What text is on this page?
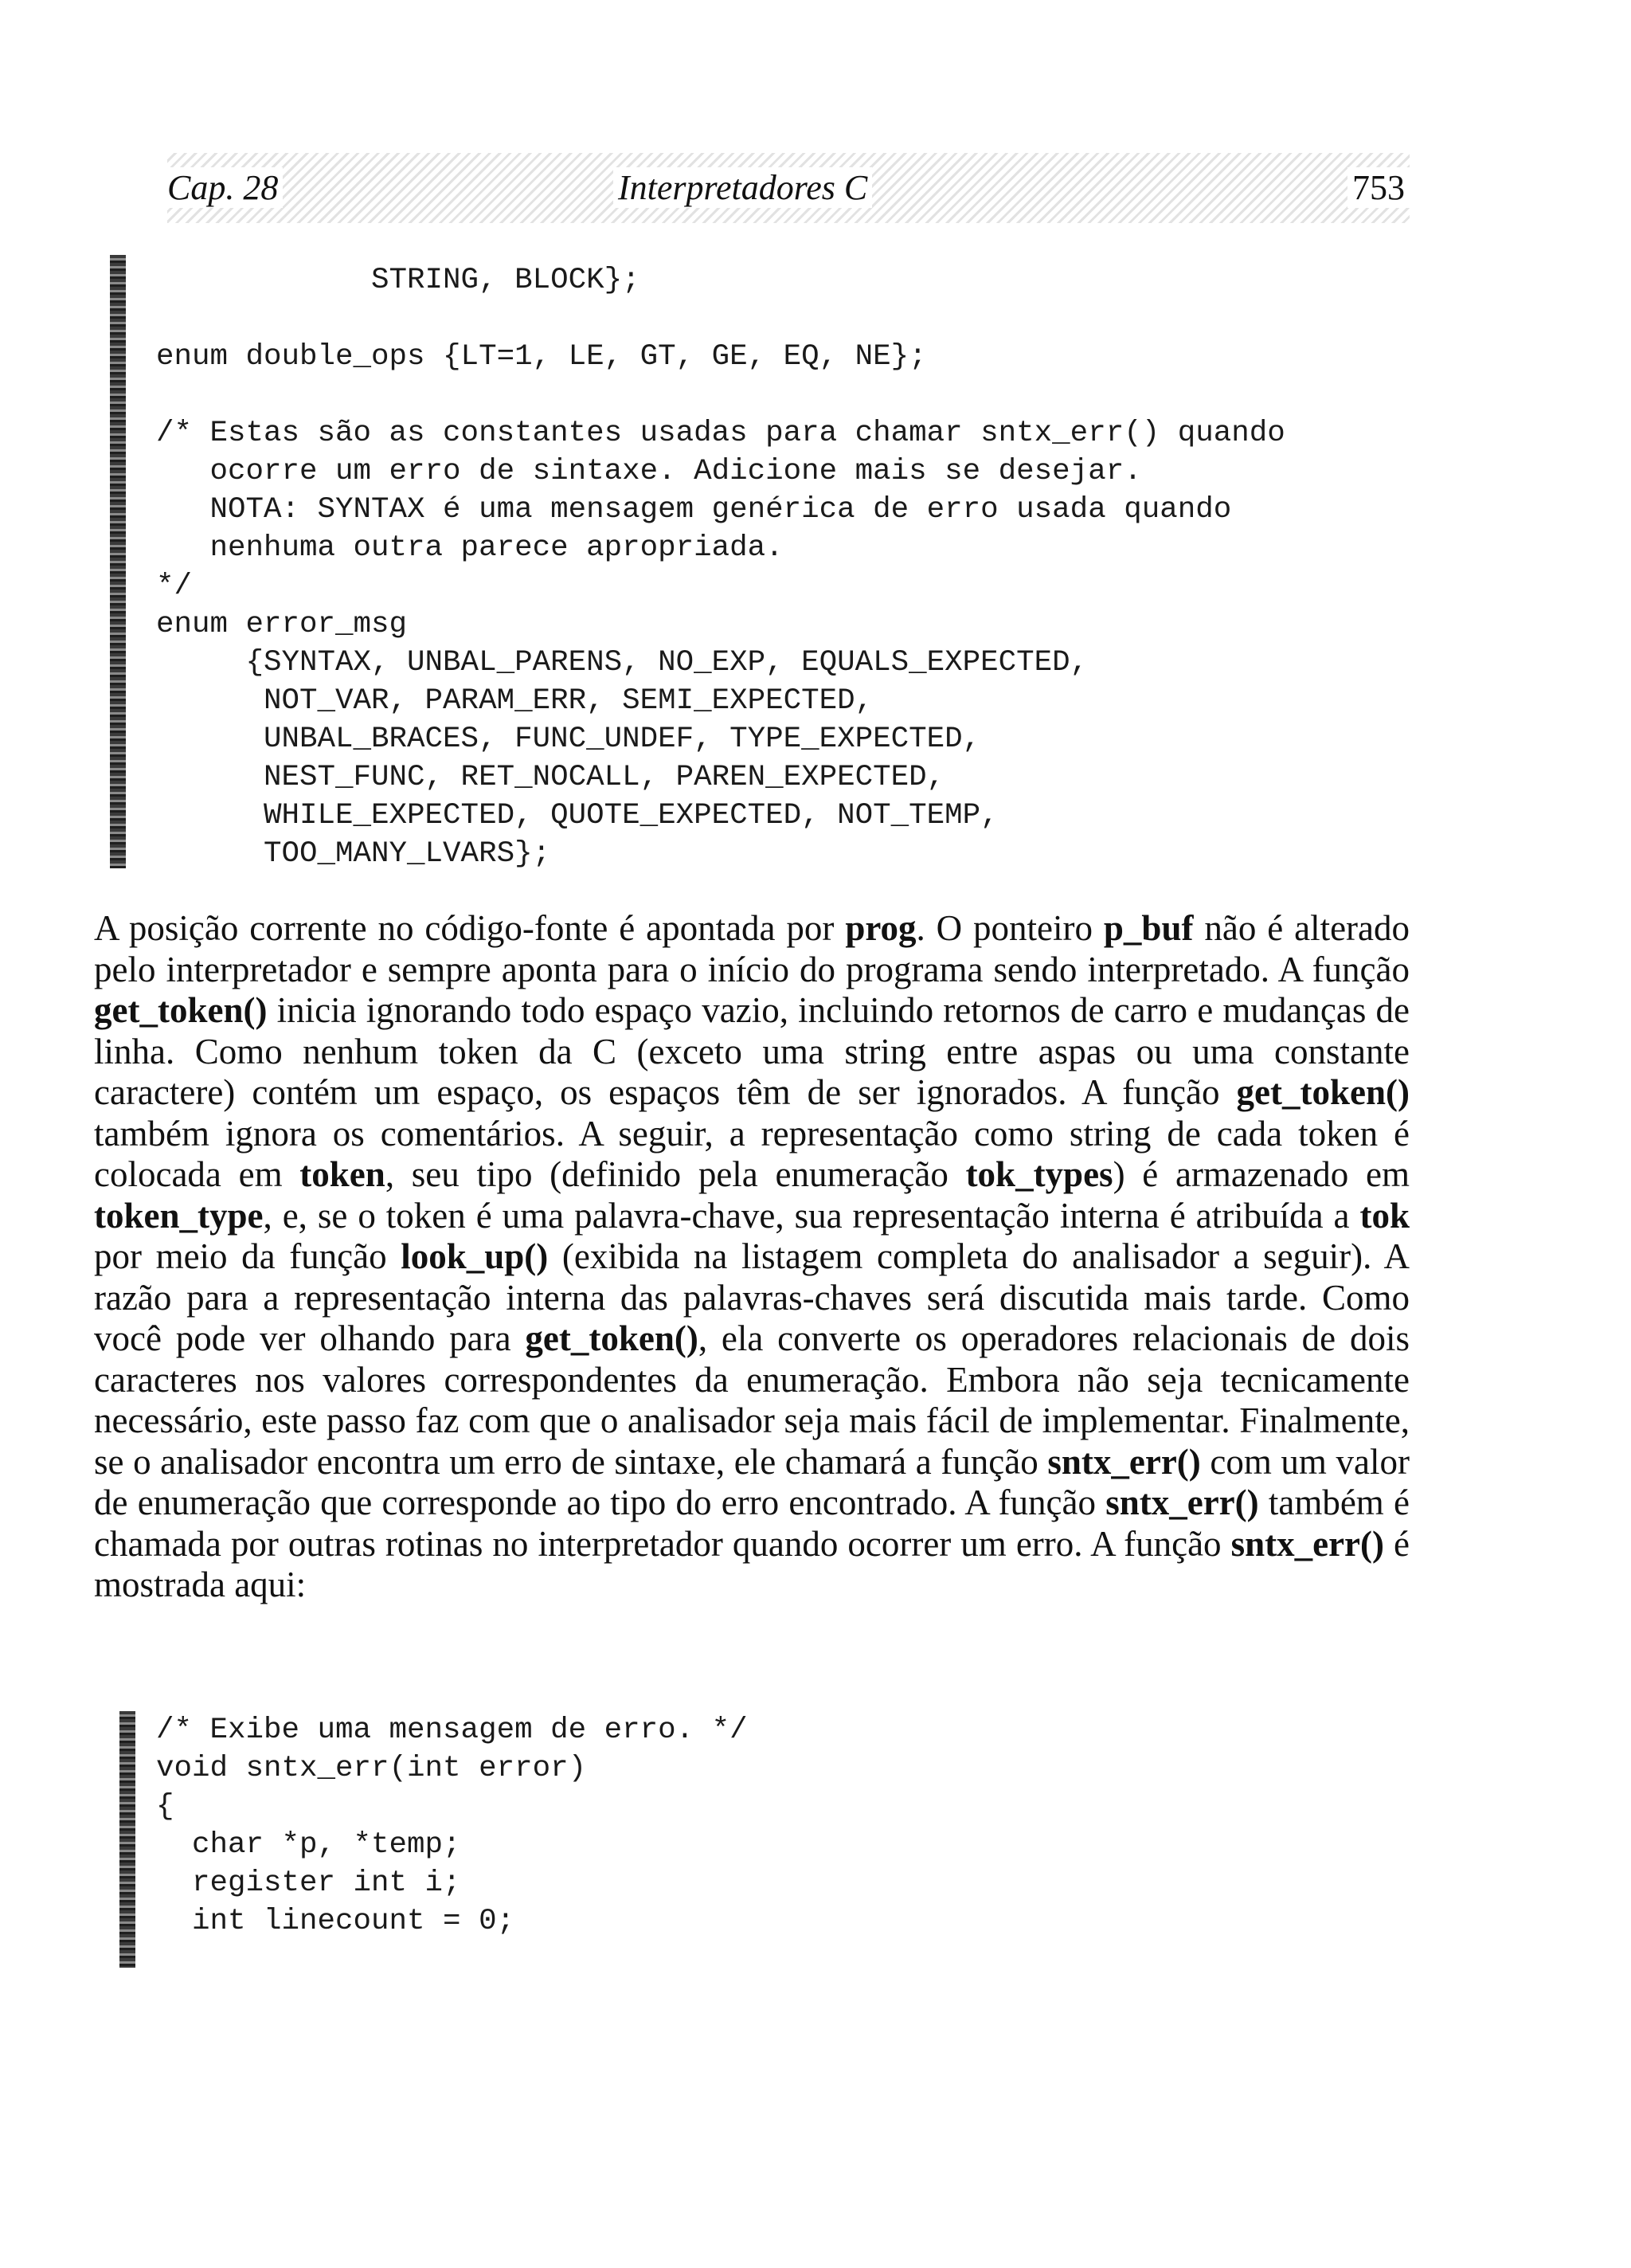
Cap. 28	Interpretadores C	753
STRING, BLOCK};
enum double_ops {LT=1, LE, GT, GE, EQ, NE};
/* Estas são as constantes usadas para chamar sntx_err() quando
ocorre um erro de sintaxe. Adicione mais se desejar.
NOTA: SYNTAX é uma mensagem genérica de erro usada quando
nenhuma outra parece apropriada.
*/
enum error_msg
{SYNTAX, UNBAL_PARENS, NO_EXP, EQUALS_EXPECTED,
NOT_VAR, PARAM_ERR, SEMI_EXPECTED,
UNBAL_BRACES, FUNC_UNDEF, TYPE_EXPECTED,
NEST_FUNC, RET_NOCALL, PAREN_EXPECTED,
WHILE_EXPECTED, QUOTE_EXPECTED, NOT_TEMP,
TOO_MANY_LVARS};

A posição corrente no código-fonte é apontada por prog. O ponteiro p_buf não é alterado pelo interpretador e sempre aponta para o início do programa sendo interpretado. A função get_token() inicia ignorando todo espaço vazio, incluindo retornos de carro e mudanças de linha. Como nenhum token da C (exceto uma string entre aspas ou uma constante caractere) contém um espaço, os espaços têm de ser ignorados. A função get_token() também ignora os comentários. A seguir, a representação como string de cada token é colocada em token, seu tipo (definido pela enumeração tok_types) é armazenado em token_type, e, se o token é uma palavra-chave, sua representação interna é atribuída a tok por meio da função look_up() (exibida na listagem completa do analisador a seguir). A razão para a representação interna das palavras-chaves será discutida mais tarde. Como você pode ver olhando para get_token(), ela converte os operadores relacionais de dois caracteres nos valores correspondentes da enumeração. Embora não seja tecnicamente necessário, este passo faz com que o analisador seja mais fácil de implementar. Finalmente, se o analisador encontra um erro de sintaxe, ele chamará a função sntx_err() com um valor de enumeração que corresponde ao tipo do erro encontrado. A função sntx_err() também é chamada por outras rotinas no interpretador quando ocorrer um erro. A função sntx_err() é mostrada aqui:

/* Exibe uma mensagem de erro. */
void sntx_err(int error)
{
char *p, *temp;
register int i;
int linecount = 0;
